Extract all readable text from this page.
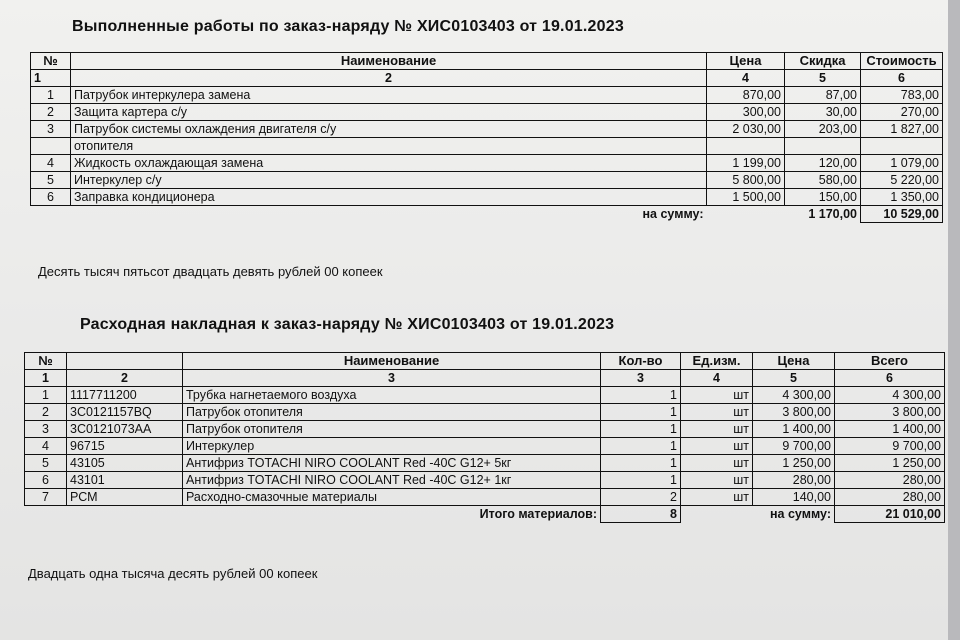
Выполненные работы по заказ-наряду № ХИС0103403 от 19.01.2023
№	Наименование	Цена	Скидка	Стоимость
1	2	4	5	6
1	Патрубок интеркулера замена	870,00	87,00	783,00
2	Защита картера с/у	300,00	30,00	270,00
3	Патрубок системы охлаждения двигателя с/у	2 030,00	203,00	1 827,00
	отопителя			
4	Жидкость охлаждающая замена	1 199,00	120,00	1 079,00
5	Интеркулер с/у	5 800,00	580,00	5 220,00
6	Заправка кондиционера	1 500,00	150,00	1 350,00
	на сумму:		1 170,00	10 529,00
Десять тысяч пятьсот двадцать девять рублей 00 копеек
Расходная накладная к заказ-наряду № ХИС0103403 от 19.01.2023
№		Наименование	Кол-во	Ед.изм.	Цена	Всего
1	2	3	3	4	5	6
1	1117711200	Трубка нагнетаемого воздуха	1	шт	4 300,00	4 300,00
2	3C0121157BQ	Патрубок отопителя	1	шт	3 800,00	3 800,00
3	3C0121073AA	Патрубок отопителя	1	шт	1 400,00	1 400,00
4	96715	Интеркулер	1	шт	9 700,00	9 700,00
5	43105	Антифриз TOTACHI NIRO COOLANT Red -40C G12+ 5кг	1	шт	1 250,00	1 250,00
6	43101	Антифриз TOTACHI NIRO COOLANT Red -40C G12+ 1кг	1	шт	280,00	280,00
7	РСМ	Расходно-смазочные материалы	2	шт	140,00	280,00
		Итого материалов:	8		на сумму:	21 010,00
Двадцать одна тысяча десять рублей 00 копеек
